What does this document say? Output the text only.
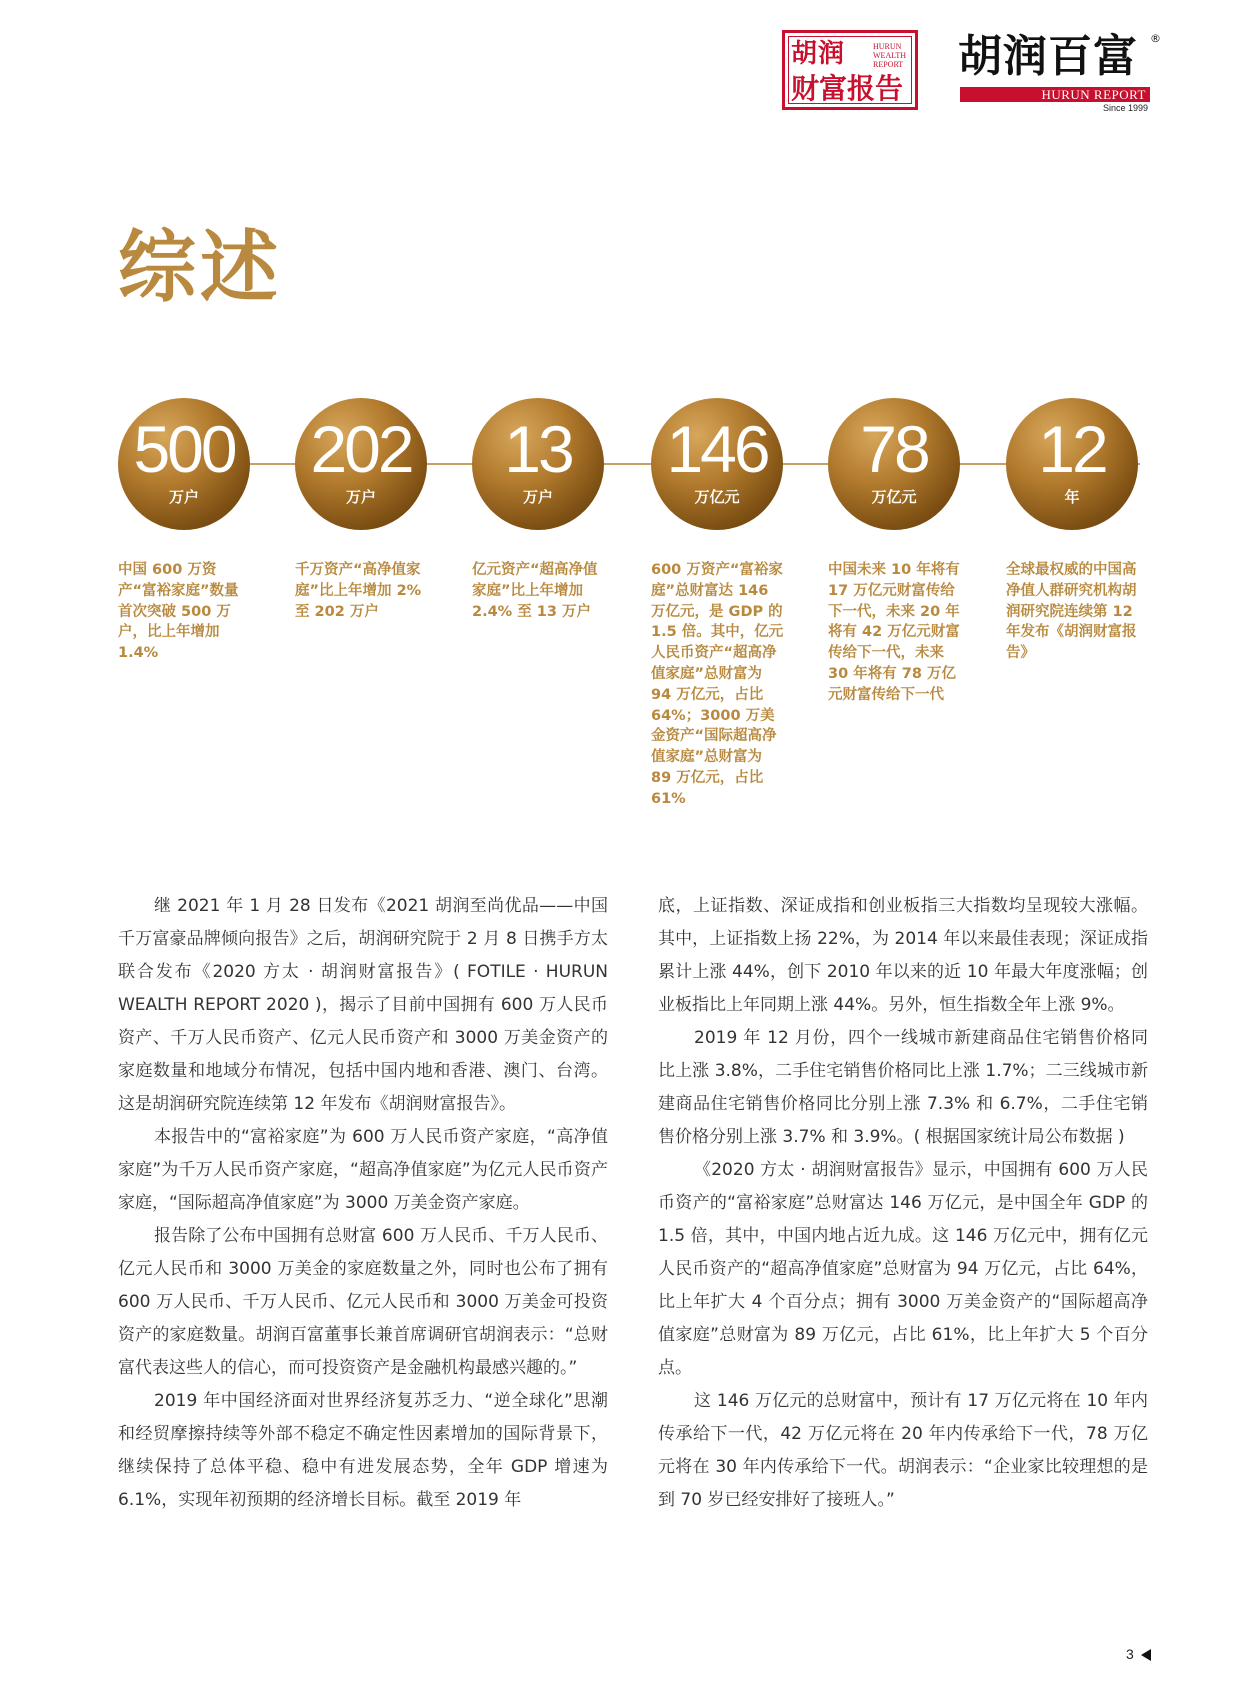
胡润	HURUN
WEALTH
REPORT
财富报告
胡润百富 ®
HURUN REPORT
Since 1999
综述
500
万户

中国 600 万资产“富裕家庭”数量首次突破 500 万户，比上年增加 1.4%

202
万户

千万资产“高净值家庭”比上年增加 2% 至 202 万户

13
万户

亿元资产“超高净值家庭”比上年增加 2.4% 至 13 万户

146
万亿元

600 万资产“富裕家庭”总财富达 146 万亿元，是 GDP 的 1.5 倍。其中，亿元人民币资产“超高净值家庭”总财富为 94 万亿元，占比 64%；3000 万美金资产“国际超高净值家庭”总财富为 89 万亿元，占比 61%

78
万亿元

中国未来 10 年将有 17 万亿元财富传给下一代，未来 20 年将有 42 万亿元财富传给下一代，未来 30 年将有 78 万亿元财富传给下一代

12
年

全球最权威的中国高净值人群研究机构胡润研究院连续第 12 年发布《胡润财富报告》

继 2021 年 1 月 28 日发布《2021 胡润至尚优品——中国千万富豪品牌倾向报告》之后，胡润研究院于 2 月 8 日携手方太联合发布《2020 方太 · 胡润财富报告》( FOTILE · HURUN WEALTH REPORT 2020 )，揭示了目前中国拥有 600 万人民币资产、千万人民币资产、亿元人民币资产和 3000 万美金资产的家庭数量和地域分布情况，包括中国内地和香港、澳门、台湾。这是胡润研究院连续第 12 年发布《胡润财富报告》。

本报告中的“富裕家庭”为 600 万人民币资产家庭，“高净值家庭”为千万人民币资产家庭，“超高净值家庭”为亿元人民币资产家庭，“国际超高净值家庭”为 3000 万美金资产家庭。

报告除了公布中国拥有总财富 600 万人民币、千万人民币、亿元人民币和 3000 万美金的家庭数量之外，同时也公布了拥有 600 万人民币、千万人民币、亿元人民币和 3000 万美金可投资资产的家庭数量。胡润百富董事长兼首席调研官胡润表示：“总财富代表这些人的信心，而可投资资产是金融机构最感兴趣的。”

2019 年中国经济面对世界经济复苏乏力、“逆全球化”思潮和经贸摩擦持续等外部不稳定不确定性因素增加的国际背景下，继续保持了总体平稳、稳中有进发展态势，全年 GDP 增速为 6.1%，实现年初预期的经济增长目标。截至 2019 年

底，上证指数、深证成指和创业板指三大指数均呈现较大涨幅。其中，上证指数上扬 22%，为 2014 年以来最佳表现；深证成指累计上涨 44%，创下 2010 年以来的近 10 年最大年度涨幅；创业板指比上年同期上涨 44%。另外，恒生指数全年上涨 9%。

2019 年 12 月份，四个一线城市新建商品住宅销售价格同比上涨 3.8%，二手住宅销售价格同比上涨 1.7%；二三线城市新建商品住宅销售价格同比分别上涨 7.3% 和 6.7%，二手住宅销售价格分别上涨 3.7% 和 3.9%。( 根据国家统计局公布数据 )

《2020 方太 · 胡润财富报告》显示，中国拥有 600 万人民币资产的“富裕家庭”总财富达 146 万亿元，是中国全年 GDP 的 1.5 倍，其中，中国内地占近九成。这 146 万亿元中，拥有亿元人民币资产的“超高净值家庭”总财富为 94 万亿元，占比 64%，比上年扩大 4 个百分点；拥有 3000 万美金资产的“国际超高净值家庭”总财富为 89 万亿元，占比 61%，比上年扩大 5 个百分点。

这 146 万亿元的总财富中，预计有 17 万亿元将在 10 年内传承给下一代，42 万亿元将在 20 年内传承给下一代，78 万亿元将在 30 年内传承给下一代。胡润表示：“企业家比较理想的是到 70 岁已经安排好了接班人。”

3
